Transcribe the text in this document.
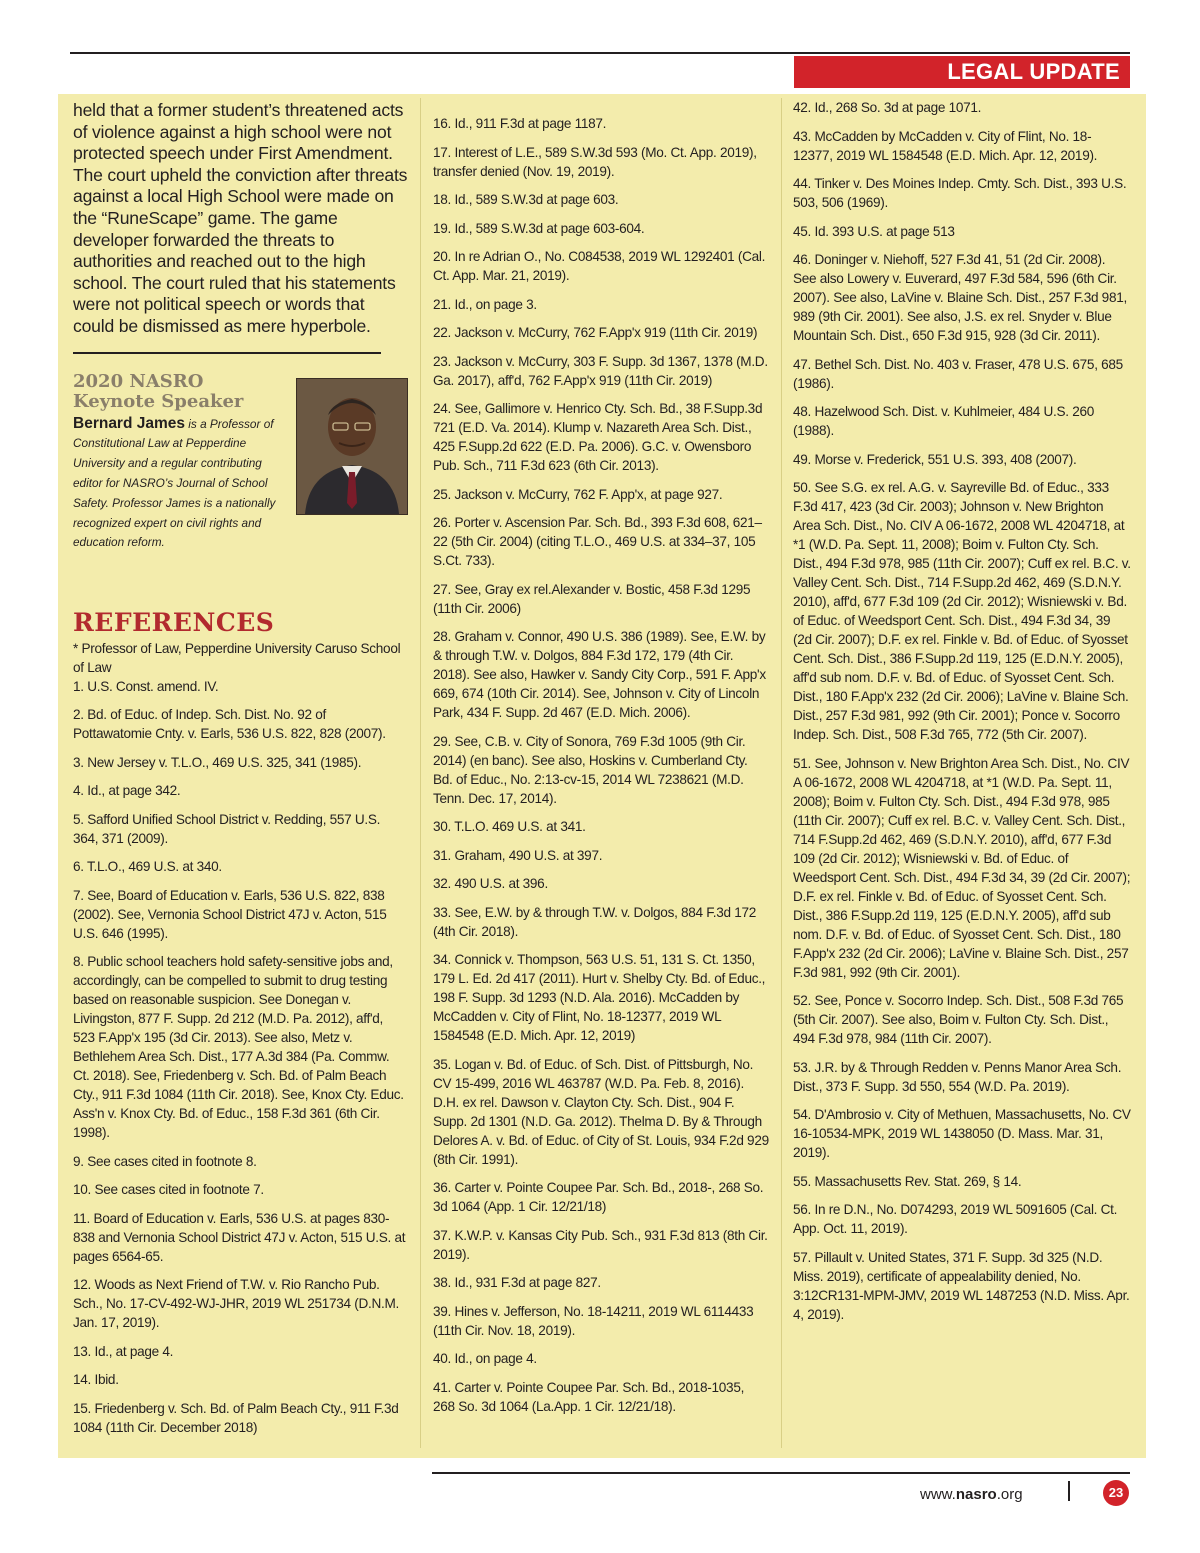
LEGAL UPDATE

held that a former student’s threatened acts of violence against a high school were not protected speech under First Amendment. The court upheld the conviction after threats against a local High School were made on the “RuneScape” game. The game developer forwarded the threats to authorities and reached out to the high school. The court ruled that his statements were not political speech or words that could be dismissed as mere hyperbole.

2020 NASRO
Keynote Speaker
Bernard James is a Professor of Constitutional Law at Pepperdine University and a regular contributing editor for NASRO’s Journal of School Safety. Professor James is a nationally recognized expert on civil rights and education reform.
REFERENCES

* Professor of Law, Pepperdine University Caruso School of Law

1. U.S. Const. amend. IV.

2. Bd. of Educ. of Indep. Sch. Dist. No. 92 of Pottawatomie Cnty. v. Earls, 536 U.S. 822, 828 (2007).

3. New Jersey v. T.L.O., 469 U.S. 325, 341 (1985).

4. Id., at page 342.

5. Safford Unified School District v. Redding, 557 U.S. 364, 371 (2009).

6. T.L.O., 469 U.S. at 340.

7. See, Board of Education v. Earls, 536 U.S. 822, 838 (2002). See, Vernonia School District 47J v. Acton, 515 U.S. 646 (1995).

8. Public school teachers hold safety-sensitive jobs and, accordingly, can be compelled to submit to drug testing based on reasonable suspicion. See Donegan v. Livingston, 877 F. Supp. 2d 212 (M.D. Pa. 2012), aff'd, 523 F.App'x 195 (3d Cir. 2013). See also, Metz v. Bethlehem Area Sch. Dist., 177 A.3d 384 (Pa. Commw. Ct. 2018). See, Friedenberg v. Sch. Bd. of Palm Beach Cty., 911 F.3d 1084 (11th Cir. 2018). See, Knox Cty. Educ. Ass'n v. Knox Cty. Bd. of Educ., 158 F.3d 361 (6th Cir. 1998).

9. See cases cited in footnote 8.

10. See cases cited in footnote 7.

11. Board of Education v. Earls, 536 U.S. at pages 830-838 and Vernonia School District 47J v. Acton, 515 U.S. at pages 6564-65.

12. Woods as Next Friend of T.W. v. Rio Rancho Pub. Sch., No. 17-CV-492-WJ-JHR, 2019 WL 251734 (D.N.M. Jan. 17, 2019).

13. Id., at page 4.

14. Ibid.

15. Friedenberg v. Sch. Bd. of Palm Beach Cty., 911 F.3d 1084 (11th Cir. December 2018)

16. Id., 911 F.3d at page 1187.

17. Interest of L.E., 589 S.W.3d 593 (Mo. Ct. App. 2019), transfer denied (Nov. 19, 2019).

18. Id., 589 S.W.3d at page 603.

19. Id., 589 S.W.3d at page 603-604.

20. In re Adrian O., No. C084538, 2019 WL 1292401 (Cal. Ct. App. Mar. 21, 2019).

21. Id., on page 3.

22. Jackson v. McCurry, 762 F.App'x 919 (11th Cir. 2019)

23. Jackson v. McCurry, 303 F. Supp. 3d 1367, 1378 (M.D. Ga. 2017), aff'd, 762 F.App'x 919 (11th Cir. 2019)

24. See, Gallimore v. Henrico Cty. Sch. Bd., 38 F.Supp.3d 721 (E.D. Va. 2014). Klump v. Nazareth Area Sch. Dist., 425 F.Supp.2d 622 (E.D. Pa. 2006). G.C. v. Owensboro Pub. Sch., 711 F.3d 623 (6th Cir. 2013).

25. Jackson v. McCurry, 762 F. App'x, at page 927.

26. Porter v. Ascension Par. Sch. Bd., 393 F.3d 608, 621–22 (5th Cir. 2004) (citing T.L.O., 469 U.S. at 334–37, 105 S.Ct. 733).

27. See, Gray ex rel.Alexander v. Bostic, 458 F.3d 1295 (11th Cir. 2006)

28. Graham v. Connor, 490 U.S. 386 (1989). See, E.W. by & through T.W. v. Dolgos, 884 F.3d 172, 179 (4th Cir. 2018). See also, Hawker v. Sandy City Corp., 591 F. App'x 669, 674 (10th Cir. 2014). See, Johnson v. City of Lincoln Park, 434 F. Supp. 2d 467 (E.D. Mich. 2006).

29. See, C.B. v. City of Sonora, 769 F.3d 1005 (9th Cir. 2014) (en banc). See also, Hoskins v. Cumberland Cty. Bd. of Educ., No. 2:13-cv-15, 2014 WL 7238621 (M.D. Tenn. Dec. 17, 2014).

30. T.L.O. 469 U.S. at 341.

31. Graham, 490 U.S. at 397.

32. 490 U.S. at 396.

33. See, E.W. by & through T.W. v. Dolgos, 884 F.3d 172 (4th Cir. 2018).

34. Connick v. Thompson, 563 U.S. 51, 131 S. Ct. 1350, 179 L. Ed. 2d 417 (2011). Hurt v. Shelby Cty. Bd. of Educ., 198 F. Supp. 3d 1293 (N.D. Ala. 2016). McCadden by McCadden v. City of Flint, No. 18-12377, 2019 WL 1584548 (E.D. Mich. Apr. 12, 2019)

35. Logan v. Bd. of Educ. of Sch. Dist. of Pittsburgh, No. CV 15-499, 2016 WL 463787 (W.D. Pa. Feb. 8, 2016). D.H. ex rel. Dawson v. Clayton Cty. Sch. Dist., 904 F. Supp. 2d 1301 (N.D. Ga. 2012). Thelma D. By & Through Delores A. v. Bd. of Educ. of City of St. Louis, 934 F.2d 929 (8th Cir. 1991).

36. Carter v. Pointe Coupee Par. Sch. Bd., 2018-, 268 So. 3d 1064 (App. 1 Cir. 12/21/18)

37. K.W.P. v. Kansas City Pub. Sch., 931 F.3d 813 (8th Cir. 2019).

38. Id., 931 F.3d at page 827.

39. Hines v. Jefferson, No. 18-14211, 2019 WL 6114433 (11th Cir. Nov. 18, 2019).

40. Id., on page 4.

41. Carter v. Pointe Coupee Par. Sch. Bd., 2018-1035, 268 So. 3d 1064 (La.App. 1 Cir. 12/21/18).

42. Id., 268 So. 3d at page 1071.

43. McCadden by McCadden v. City of Flint, No. 18-12377, 2019 WL 1584548 (E.D. Mich. Apr. 12, 2019).

44. Tinker v. Des Moines Indep. Cmty. Sch. Dist., 393 U.S. 503, 506 (1969).

45. Id. 393 U.S. at page 513

46. Doninger v. Niehoff, 527 F.3d 41, 51 (2d Cir. 2008). See also Lowery v. Euverard, 497 F.3d 584, 596 (6th Cir. 2007). See also, LaVine v. Blaine Sch. Dist., 257 F.3d 981, 989 (9th Cir. 2001). See also, J.S. ex rel. Snyder v. Blue Mountain Sch. Dist., 650 F.3d 915, 928 (3d Cir. 2011).

47. Bethel Sch. Dist. No. 403 v. Fraser, 478 U.S. 675, 685 (1986).

48. Hazelwood Sch. Dist. v. Kuhlmeier, 484 U.S. 260 (1988).

49. Morse v. Frederick, 551 U.S. 393, 408 (2007).

50. See S.G. ex rel. A.G. v. Sayreville Bd. of Educ., 333 F.3d 417, 423 (3d Cir. 2003); Johnson v. New Brighton Area Sch. Dist., No. CIV A 06-1672, 2008 WL 4204718, at *1 (W.D. Pa. Sept. 11, 2008); Boim v. Fulton Cty. Sch. Dist., 494 F.3d 978, 985 (11th Cir. 2007); Cuff ex rel. B.C. v. Valley Cent. Sch. Dist., 714 F.Supp.2d 462, 469 (S.D.N.Y. 2010), aff'd, 677 F.3d 109 (2d Cir. 2012); Wisniewski v. Bd. of Educ. of Weedsport Cent. Sch. Dist., 494 F.3d 34, 39 (2d Cir. 2007); D.F. ex rel. Finkle v. Bd. of Educ. of Syosset Cent. Sch. Dist., 386 F.Supp.2d 119, 125 (E.D.N.Y. 2005), aff'd sub nom. D.F. v. Bd. of Educ. of Syosset Cent. Sch. Dist., 180 F.App'x 232 (2d Cir. 2006); LaVine v. Blaine Sch. Dist., 257 F.3d 981, 992 (9th Cir. 2001); Ponce v. Socorro Indep. Sch. Dist., 508 F.3d 765, 772 (5th Cir. 2007).

51. See, Johnson v. New Brighton Area Sch. Dist., No. CIV A 06-1672, 2008 WL 4204718, at *1 (W.D. Pa. Sept. 11, 2008); Boim v. Fulton Cty. Sch. Dist., 494 F.3d 978, 985 (11th Cir. 2007); Cuff ex rel. B.C. v. Valley Cent. Sch. Dist., 714 F.Supp.2d 462, 469 (S.D.N.Y. 2010), aff'd, 677 F.3d 109 (2d Cir. 2012); Wisniewski v. Bd. of Educ. of Weedsport Cent. Sch. Dist., 494 F.3d 34, 39 (2d Cir. 2007); D.F. ex rel. Finkle v. Bd. of Educ. of Syosset Cent. Sch. Dist., 386 F.Supp.2d 119, 125 (E.D.N.Y. 2005), aff'd sub nom. D.F. v. Bd. of Educ. of Syosset Cent. Sch. Dist., 180 F.App'x 232 (2d Cir. 2006); LaVine v. Blaine Sch. Dist., 257 F.3d 981, 992 (9th Cir. 2001).

52. See, Ponce v. Socorro Indep. Sch. Dist., 508 F.3d 765 (5th Cir. 2007). See also, Boim v. Fulton Cty. Sch. Dist., 494 F.3d 978, 984 (11th Cir. 2007).

53. J.R. by & Through Redden v. Penns Manor Area Sch. Dist., 373 F. Supp. 3d 550, 554 (W.D. Pa. 2019).

54. D'Ambrosio v. City of Methuen, Massachusetts, No. CV 16-10534-MPK, 2019 WL 1438050 (D. Mass. Mar. 31, 2019).

55. Massachusetts Rev. Stat. 269, § 14.

56. In re D.N., No. D074293, 2019 WL 5091605 (Cal. Ct. App. Oct. 11, 2019).

57. Pillault v. United States, 371 F. Supp. 3d 325 (N.D. Miss. 2019), certificate of appealability denied, No. 3:12CR131-MPM-JMV, 2019 WL 1487253 (N.D. Miss. Apr. 4, 2019).

www.nasro.org	23
